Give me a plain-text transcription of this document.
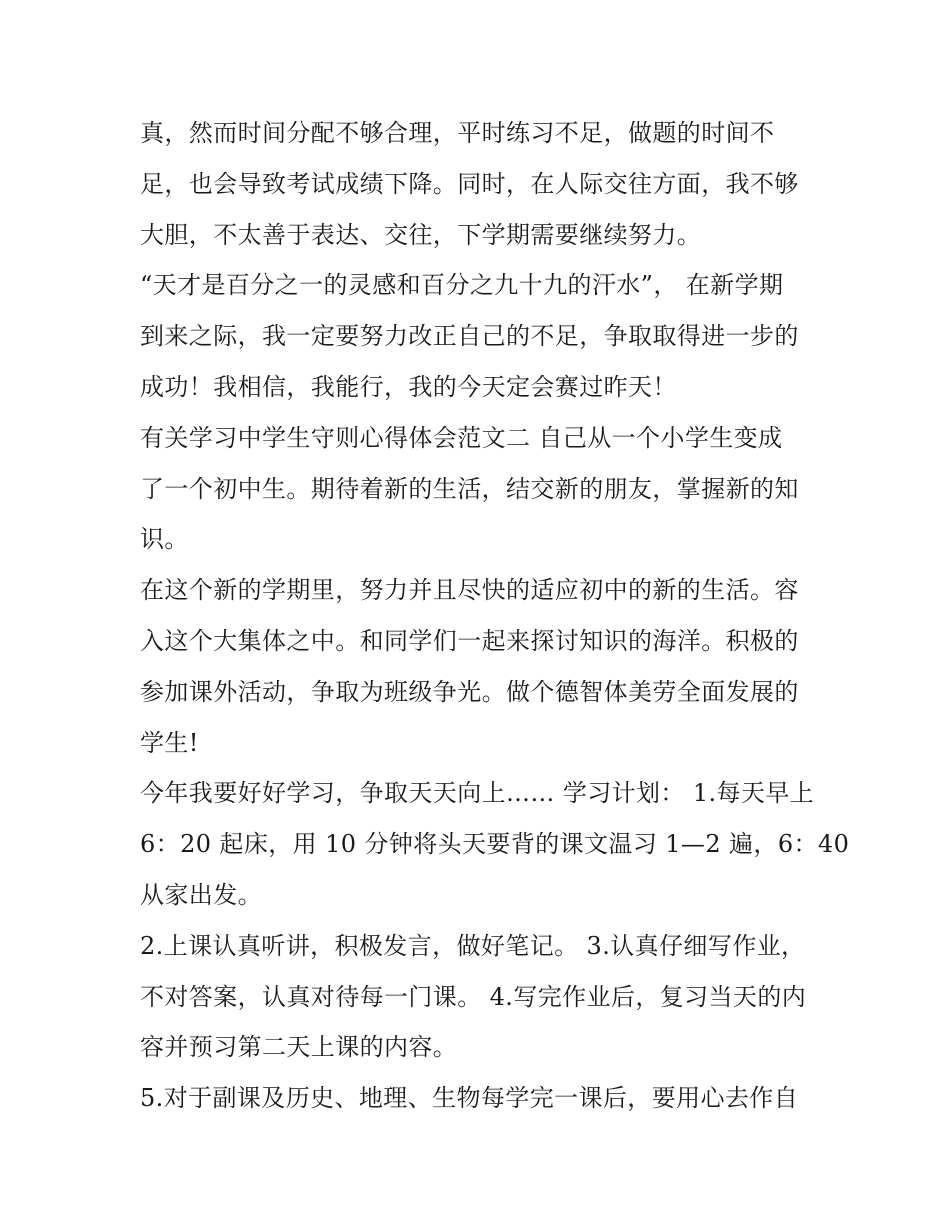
真，然而时间分配不够合理，平时练习不足，做题的时间不
足，也会导致考试成绩下降。同时，在人际交往方面，我不够
大胆，不太善于表达、交往，下学期需要继续努力。
“天才是百分之一的灵感和百分之九十九的汗水”， 在新学期
到来之际，我一定要努力改正自己的不足，争取取得进一步的
成功！我相信，我能行，我的今天定会赛过昨天！
有关学习中学生守则心得体会范文二 自己从一个小学生变成
了一个初中生。期待着新的生活，结交新的朋友，掌握新的知
识。
在这个新的学期里，努力并且尽快的适应初中的新的生活。容
入这个大集体之中。和同学们一起来探讨知识的海洋。积极的
参加课外活动，争取为班级争光。做个德智体美劳全面发展的
学生!
今年我要好好学习，争取天天向上…… 学习计划： 1.每天早上
6：20 起床，用 10 分钟将头天要背的课文温习 1—2 遍，6：40
从家出发。
2.上课认真听讲，积极发言，做好笔记。 3.认真仔细写作业，
不对答案，认真对待每一门课。 4.写完作业后，复习当天的内
容并预习第二天上课的内容。
5.对于副课及历史、地理、生物每学完一课后，要用心去作自
